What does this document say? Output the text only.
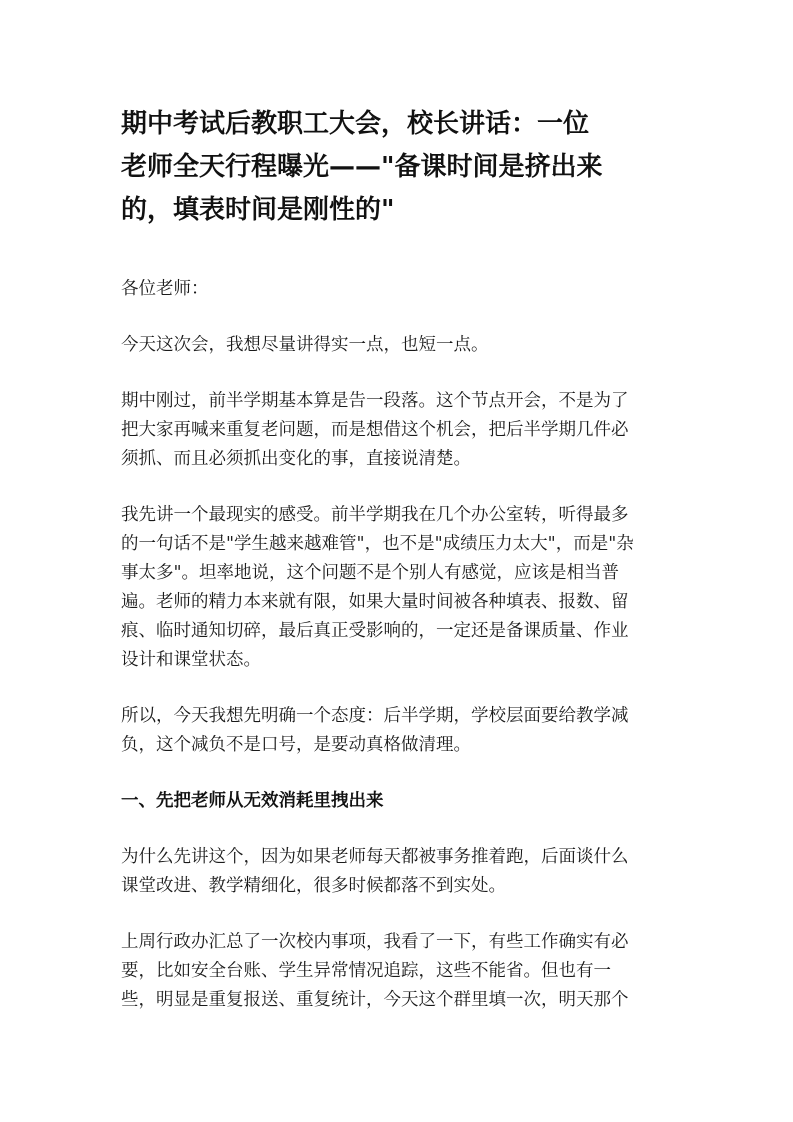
期中考试后教职工大会，校长讲话：一位
老师全天行程曝光——"备课时间是挤出来
的，填表时间是刚性的"

各位老师：

今天这次会，我想尽量讲得实一点，也短一点。

期中刚过，前半学期基本算是告一段落。这个节点开会，不是为了
把大家再喊来重复老问题，而是想借这个机会，把后半学期几件必
须抓、而且必须抓出变化的事，直接说清楚。

我先讲一个最现实的感受。前半学期我在几个办公室转，听得最多
的一句话不是"学生越来越难管"，也不是"成绩压力太大"，而是"杂
事太多"。坦率地说，这个问题不是个别人有感觉，应该是相当普
遍。老师的精力本来就有限，如果大量时间被各种填表、报数、留
痕、临时通知切碎，最后真正受影响的，一定还是备课质量、作业
设计和课堂状态。

所以，今天我想先明确一个态度：后半学期，学校层面要给教学减
负，这个减负不是口号，是要动真格做清理。

一、先把老师从无效消耗里拽出来

为什么先讲这个，因为如果老师每天都被事务推着跑，后面谈什么
课堂改进、教学精细化，很多时候都落不到实处。

上周行政办汇总了一次校内事项，我看了一下，有些工作确实有必
要，比如安全台账、学生异常情况追踪，这些不能省。但也有一
些，明显是重复报送、重复统计，今天这个群里填一次，明天那个
